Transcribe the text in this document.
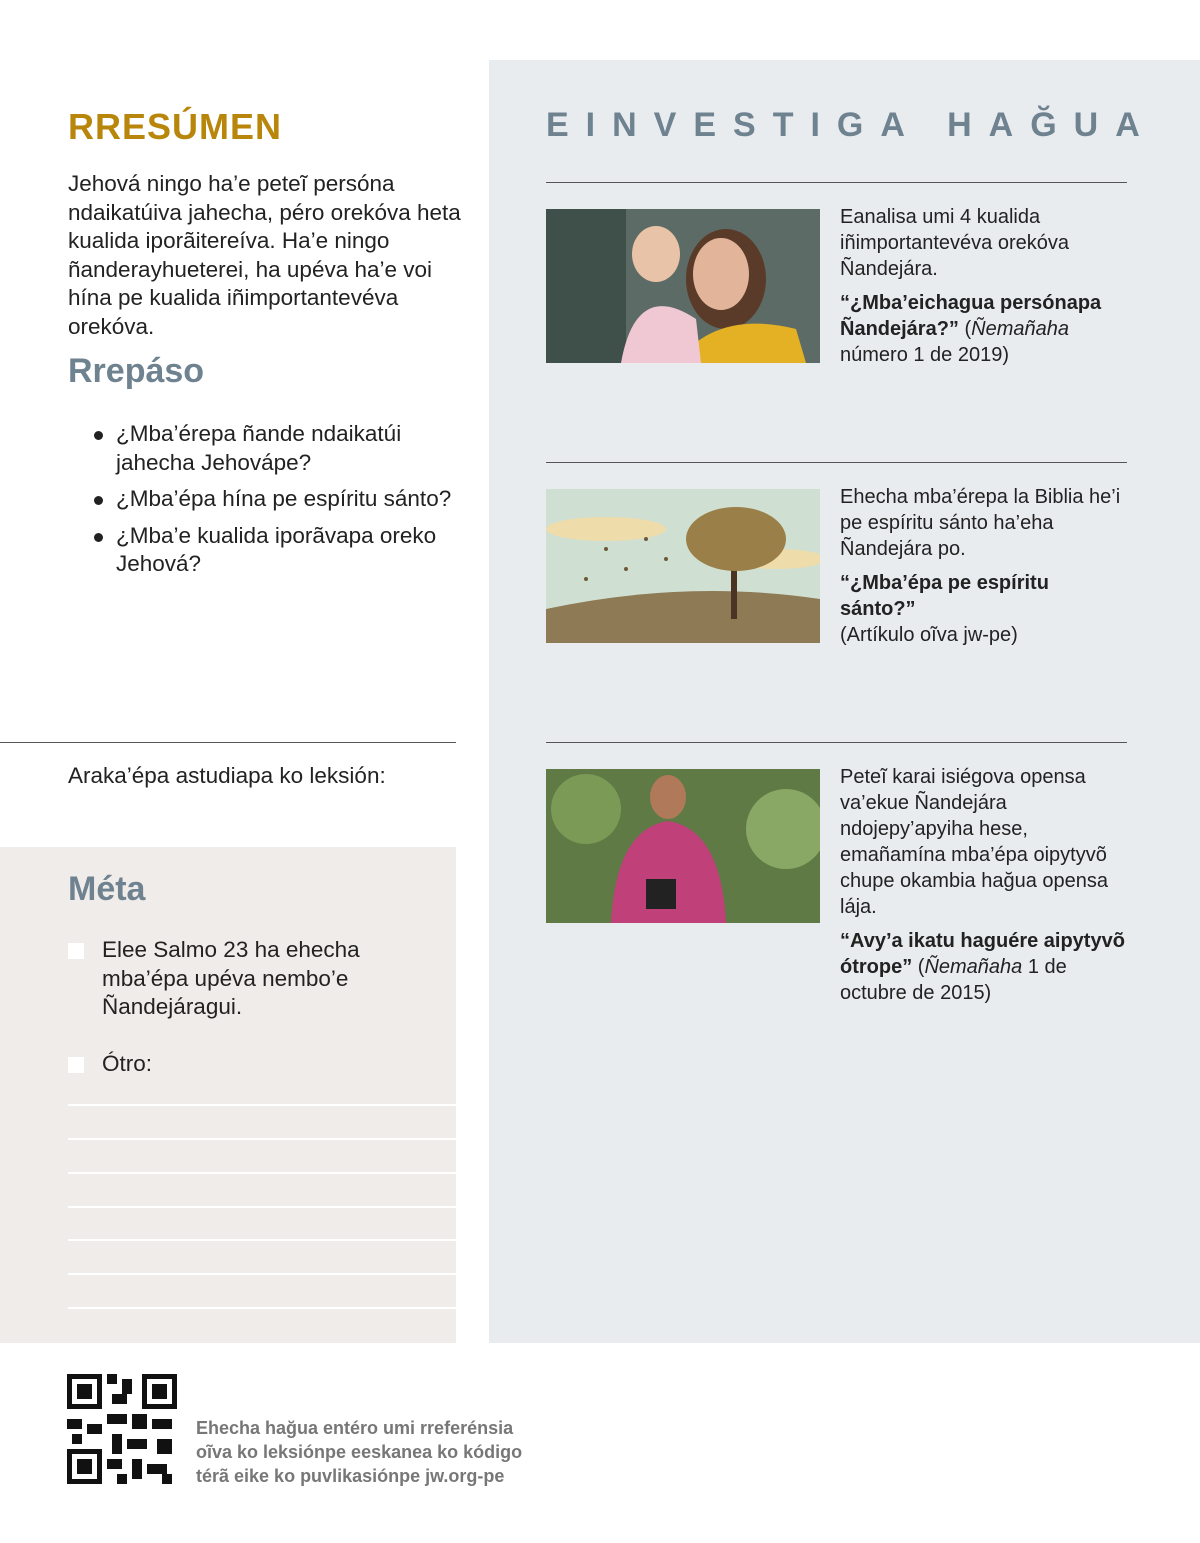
RRESÚMEN

Jehová ningo ha’e peteĩ persóna ndaikatúiva jahecha, péro orekóva heta kualida iporãitereíva. Ha’e ningo ñanderayhueterei, ha upéva ha’e voi hína pe kualida iñimportantevéva orekóva.

Rrepáso
¿Mba’érepa ñande ndaikatúi jahecha Jehovápe?
¿Mba’épa hína pe espíritu sánto?
¿Mba’e kualida iporãvapa oreko Jehová?

Araka’épa astudiapa ko leksión:

Méta

Elee Salmo 23 ha ehecha mba’épa upéva nembo’e Ñandejáragui.

Ótro:

EINVESTIGA HAĞUA

Eanalisa umi 4 kualida iñimportantevéva orekóva Ñandejára.

“¿Mba’eichagua persónapa Ñandejára?” (Ñemañaha número 1 de 2019)

Ehecha mba’érepa la Biblia he’i pe espíritu sánto ha’eha Ñandejára po.

“¿Mba’épa pe espíritu sánto?”
(Artíkulo oĩva jw-pe)

Peteĩ karai isiégova opensa va’ekue Ñandejára ndojepy’apyiha hese, emañamína mba’épa oipytyvõ chupe okambia hağua opensa lája.

“Avy’a ikatu haguére aipytyvõ ótrope” (Ñemañaha 1 de octubre de 2015)

Ehecha hağua entéro umi rreferénsia oĩva ko leksiónpe eeskanea ko kódigo térã eike ko puvlikasiónpe jw.org-pe
